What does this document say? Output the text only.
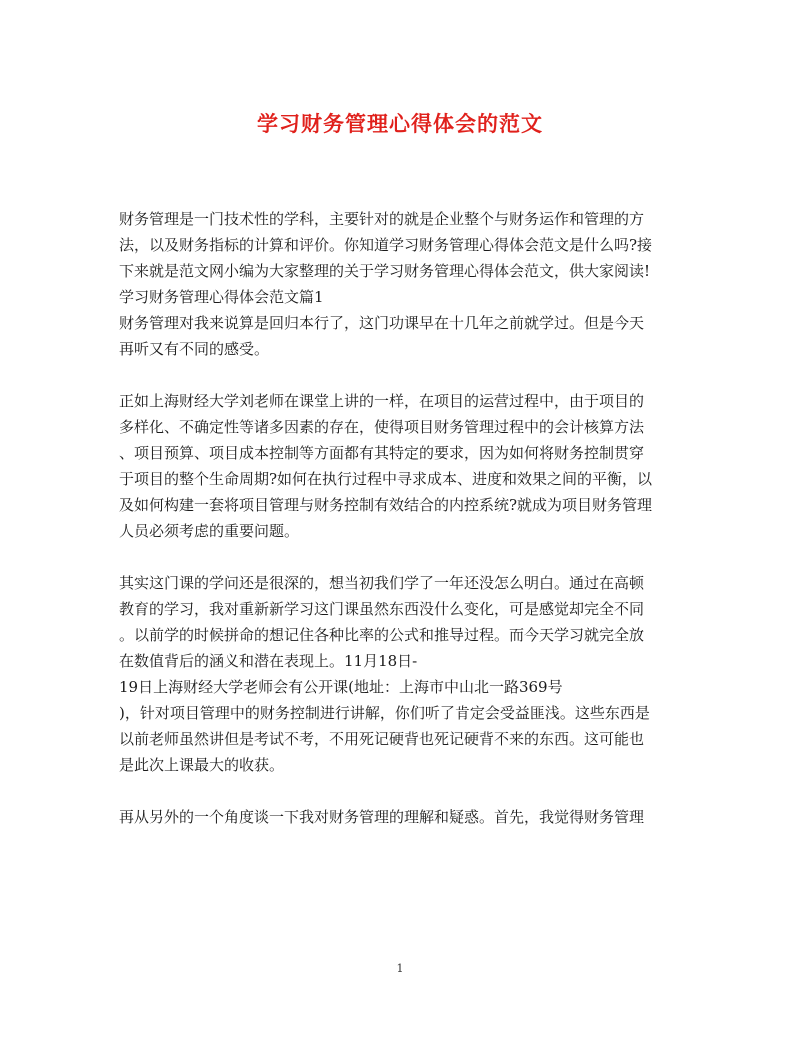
学习财务管理心得体会的范文
财务管理是一门技术性的学科，主要针对的就是企业整个与财务运作和管理的方
法，以及财务指标的计算和评价。你知道学习财务管理心得体会范文是什么吗?接
下来就是范文网小编为大家整理的关于学习财务管理心得体会范文，供大家阅读!
学习财务管理心得体会范文篇1
财务管理对我来说算是回归本行了，这门功课早在十几年之前就学过。但是今天
再听又有不同的感受。
正如上海财经大学刘老师在课堂上讲的一样，在项目的运营过程中，由于项目的
多样化、不确定性等诸多因素的存在，使得项目财务管理过程中的会计核算方法
、项目预算、项目成本控制等方面都有其特定的要求，因为如何将财务控制贯穿
于项目的整个生命周期?如何在执行过程中寻求成本、进度和效果之间的平衡，以
及如何构建一套将项目管理与财务控制有效结合的内控系统?就成为项目财务管理
人员必须考虑的重要问题。
其实这门课的学问还是很深的，想当初我们学了一年还没怎么明白。通过在高顿
教育的学习，我对重新新学习这门课虽然东西没什么变化，可是感觉却完全不同
。以前学的时候拼命的想记住各种比率的公式和推导过程。而今天学习就完全放
在数值背后的涵义和潜在表现上。11月18日-
19日上海财经大学老师会有公开课(地址：上海市中山北一路369号
)，针对项目管理中的财务控制进行讲解，你们听了肯定会受益匪浅。这些东西是
以前老师虽然讲但是考试不考，不用死记硬背也死记硬背不来的东西。这可能也
是此次上课最大的收获。
再从另外的一个角度谈一下我对财务管理的理解和疑惑。首先，我觉得财务管理
1
